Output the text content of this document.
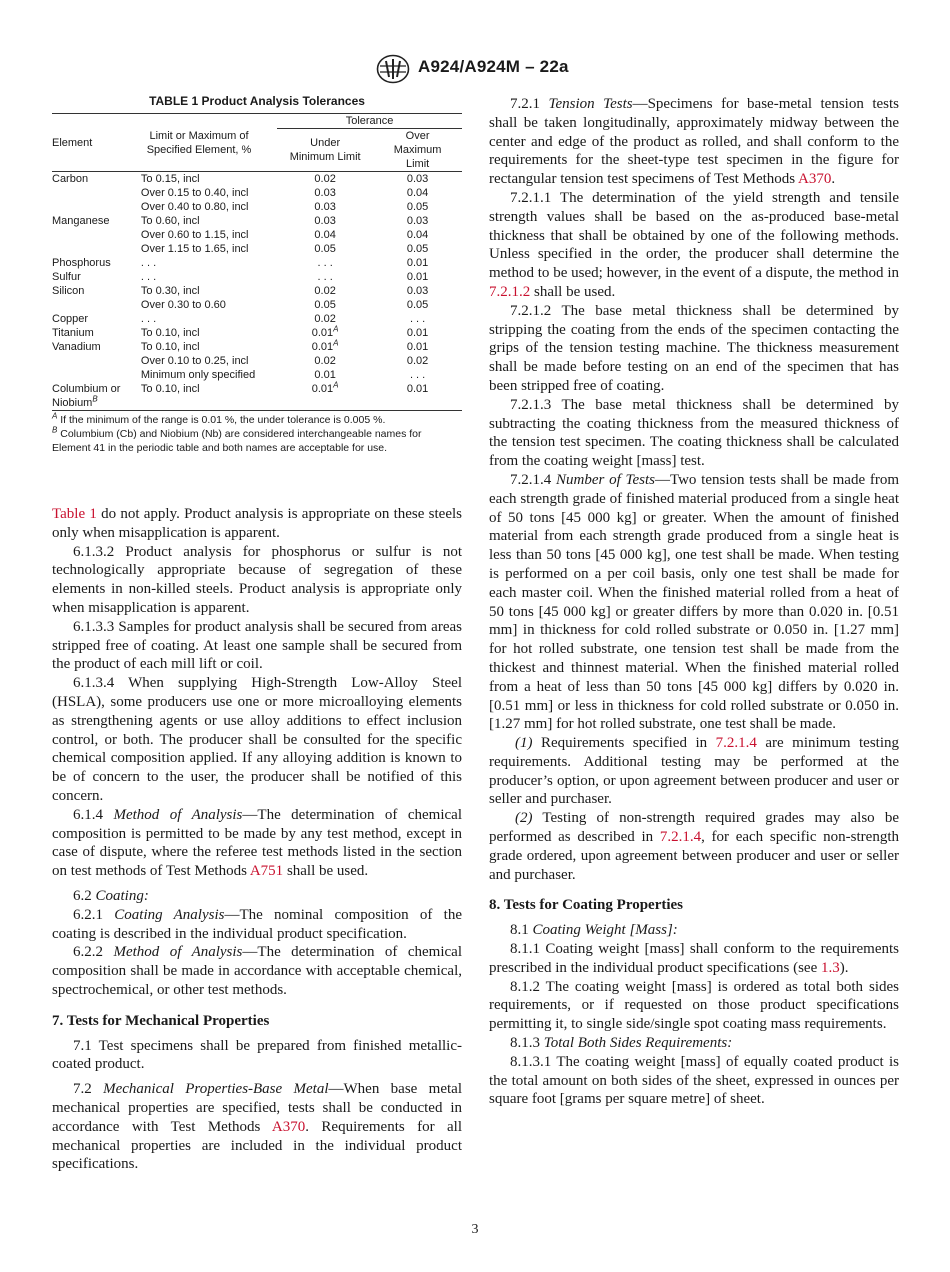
A924/A924M – 22a
TABLE 1 Product Analysis Tolerances
Element	Limit or Maximum of Specified Element, %	Tolerance	
		Under Minimum Limit	Over Maximum Limit
Carbon	To 0.15, incl	0.02	0.03
	Over 0.15 to 0.40, incl	0.03	0.04
	Over 0.40 to 0.80, incl	0.03	0.05
Manganese	To 0.60, incl	0.03	0.03
	Over 0.60 to 1.15, incl	0.04	0.04
	Over 1.15 to 1.65, incl	0.05	0.05
Phosphorus	. . .	. . .	0.01
Sulfur	. . .	. . .	0.01
Silicon	To 0.30, incl	0.02	0.03
	Over 0.30 to 0.60	0.05	0.05
Copper	. . .	0.02	. . .
Titanium	To 0.10, incl	$0.01^A$	0.01
Vanadium	To 0.10, incl	$0.01^A$	0.01
	Over 0.10 to 0.25, incl	0.02	0.02
	Minimum only specified	0.01	. . .
Columbium or
Niobium$^B$	To 0.10, incl	$0.01^A$	0.01
$^A$ If the minimum of the range is 0.01 %, the under tolerance is 0.005 %.
$^B$ Columbium (Cb) and Niobium (Nb) are considered interchangeable names for Element 41 in the periodic table and both names are acceptable for use.

Table 1 do not apply. Product analysis is appropriate on these steels only when misapplication is apparent.

6.1.3.2 Product analysis for phosphorus or sulfur is not technologically appropriate because of segregation of these elements in non-killed steels. Product analysis is appropriate only when misapplication is apparent.

6.1.3.3 Samples for product analysis shall be secured from areas stripped free of coating. At least one sample shall be secured from the product of each mill lift or coil.

6.1.3.4 When supplying High-Strength Low-Alloy Steel (HSLA), some producers use one or more microalloying elements as strengthening agents or use alloy additions to effect inclusion control, or both. The producer shall be consulted for the specific chemical composition applied. If any alloying addition is known to be of concern to the user, the producer shall be notified of this concern.

6.1.4 Method of Analysis—The determination of chemical composition is permitted to be made by any test method, except in case of dispute, where the referee test methods listed in the section on test methods of Test Methods A751 shall be used.

6.2 Coating:

6.2.1 Coating Analysis—The nominal composition of the coating is described in the individual product specification.

6.2.2 Method of Analysis—The determination of chemical composition shall be made in accordance with acceptable chemical, spectrochemical, or other test methods.

7. Tests for Mechanical Properties

7.1 Test specimens shall be prepared from finished metallic-coated product.

7.2 Mechanical Properties-Base Metal—When base metal mechanical properties are specified, tests shall be conducted in accordance with Test Methods A370. Requirements for all mechanical properties are included in the individual product specifications.

7.2.1 Tension Tests—Specimens for base-metal tension tests shall be taken longitudinally, approximately midway between the center and edge of the product as rolled, and shall conform to the requirements for the sheet-type test specimen in the figure for rectangular tension test specimens of Test Methods A370.

7.2.1.1 The determination of the yield strength and tensile strength values shall be based on the as-produced base-metal thickness that shall be obtained by one of the following methods. Unless specified in the order, the producer shall determine the method to be used; however, in the event of a dispute, the method in 7.2.1.2 shall be used.

7.2.1.2 The base metal thickness shall be determined by stripping the coating from the ends of the specimen contacting the grips of the tension testing machine. The thickness measurement shall be made before testing on an end of the specimen that has been stripped free of coating.

7.2.1.3 The base metal thickness shall be determined by subtracting the coating thickness from the measured thickness of the tension test specimen. The coating thickness shall be calculated from the coating weight [mass] test.

7.2.1.4 Number of Tests—Two tension tests shall be made from each strength grade of finished material produced from a single heat of 50 tons [45 000 kg] or greater. When the amount of finished material from each strength grade produced from a single heat is less than 50 tons [45 000 kg], one test shall be made. When testing is performed on a per coil basis, only one test shall be made for each master coil. When the finished material rolled from a heat of 50 tons [45 000 kg] or greater differs by more than 0.020 in. [0.51 mm] in thickness for cold rolled substrate or 0.050 in. [1.27 mm] for hot rolled substrate, one tension test shall be made from the thickest and thinnest material. When the finished material rolled from a heat of less than 50 tons [45 000 kg] differs by 0.020 in. [0.51 mm] or less in thickness for cold rolled substrate or 0.050 in. [1.27 mm] for hot rolled substrate, one test shall be made.

(1) Requirements specified in 7.2.1.4 are minimum testing requirements. Additional testing may be performed at the producer’s option, or upon agreement between producer and user or seller and purchaser.

(2) Testing of non-strength required grades may also be performed as described in 7.2.1.4, for each specific non-strength grade ordered, upon agreement between producer and user or seller and purchaser.

8. Tests for Coating Properties

8.1 Coating Weight [Mass]:

8.1.1 Coating weight [mass] shall conform to the requirements prescribed in the individual product specifications (see 1.3).

8.1.2 The coating weight [mass] is ordered as total both sides requirements, or if requested on those product specifications permitting it, to single side/single spot coating mass requirements.

8.1.3 Total Both Sides Requirements:

8.1.3.1 The coating weight [mass] of equally coated product is the total amount on both sides of the sheet, expressed in ounces per square foot [grams per square metre] of sheet.

3
